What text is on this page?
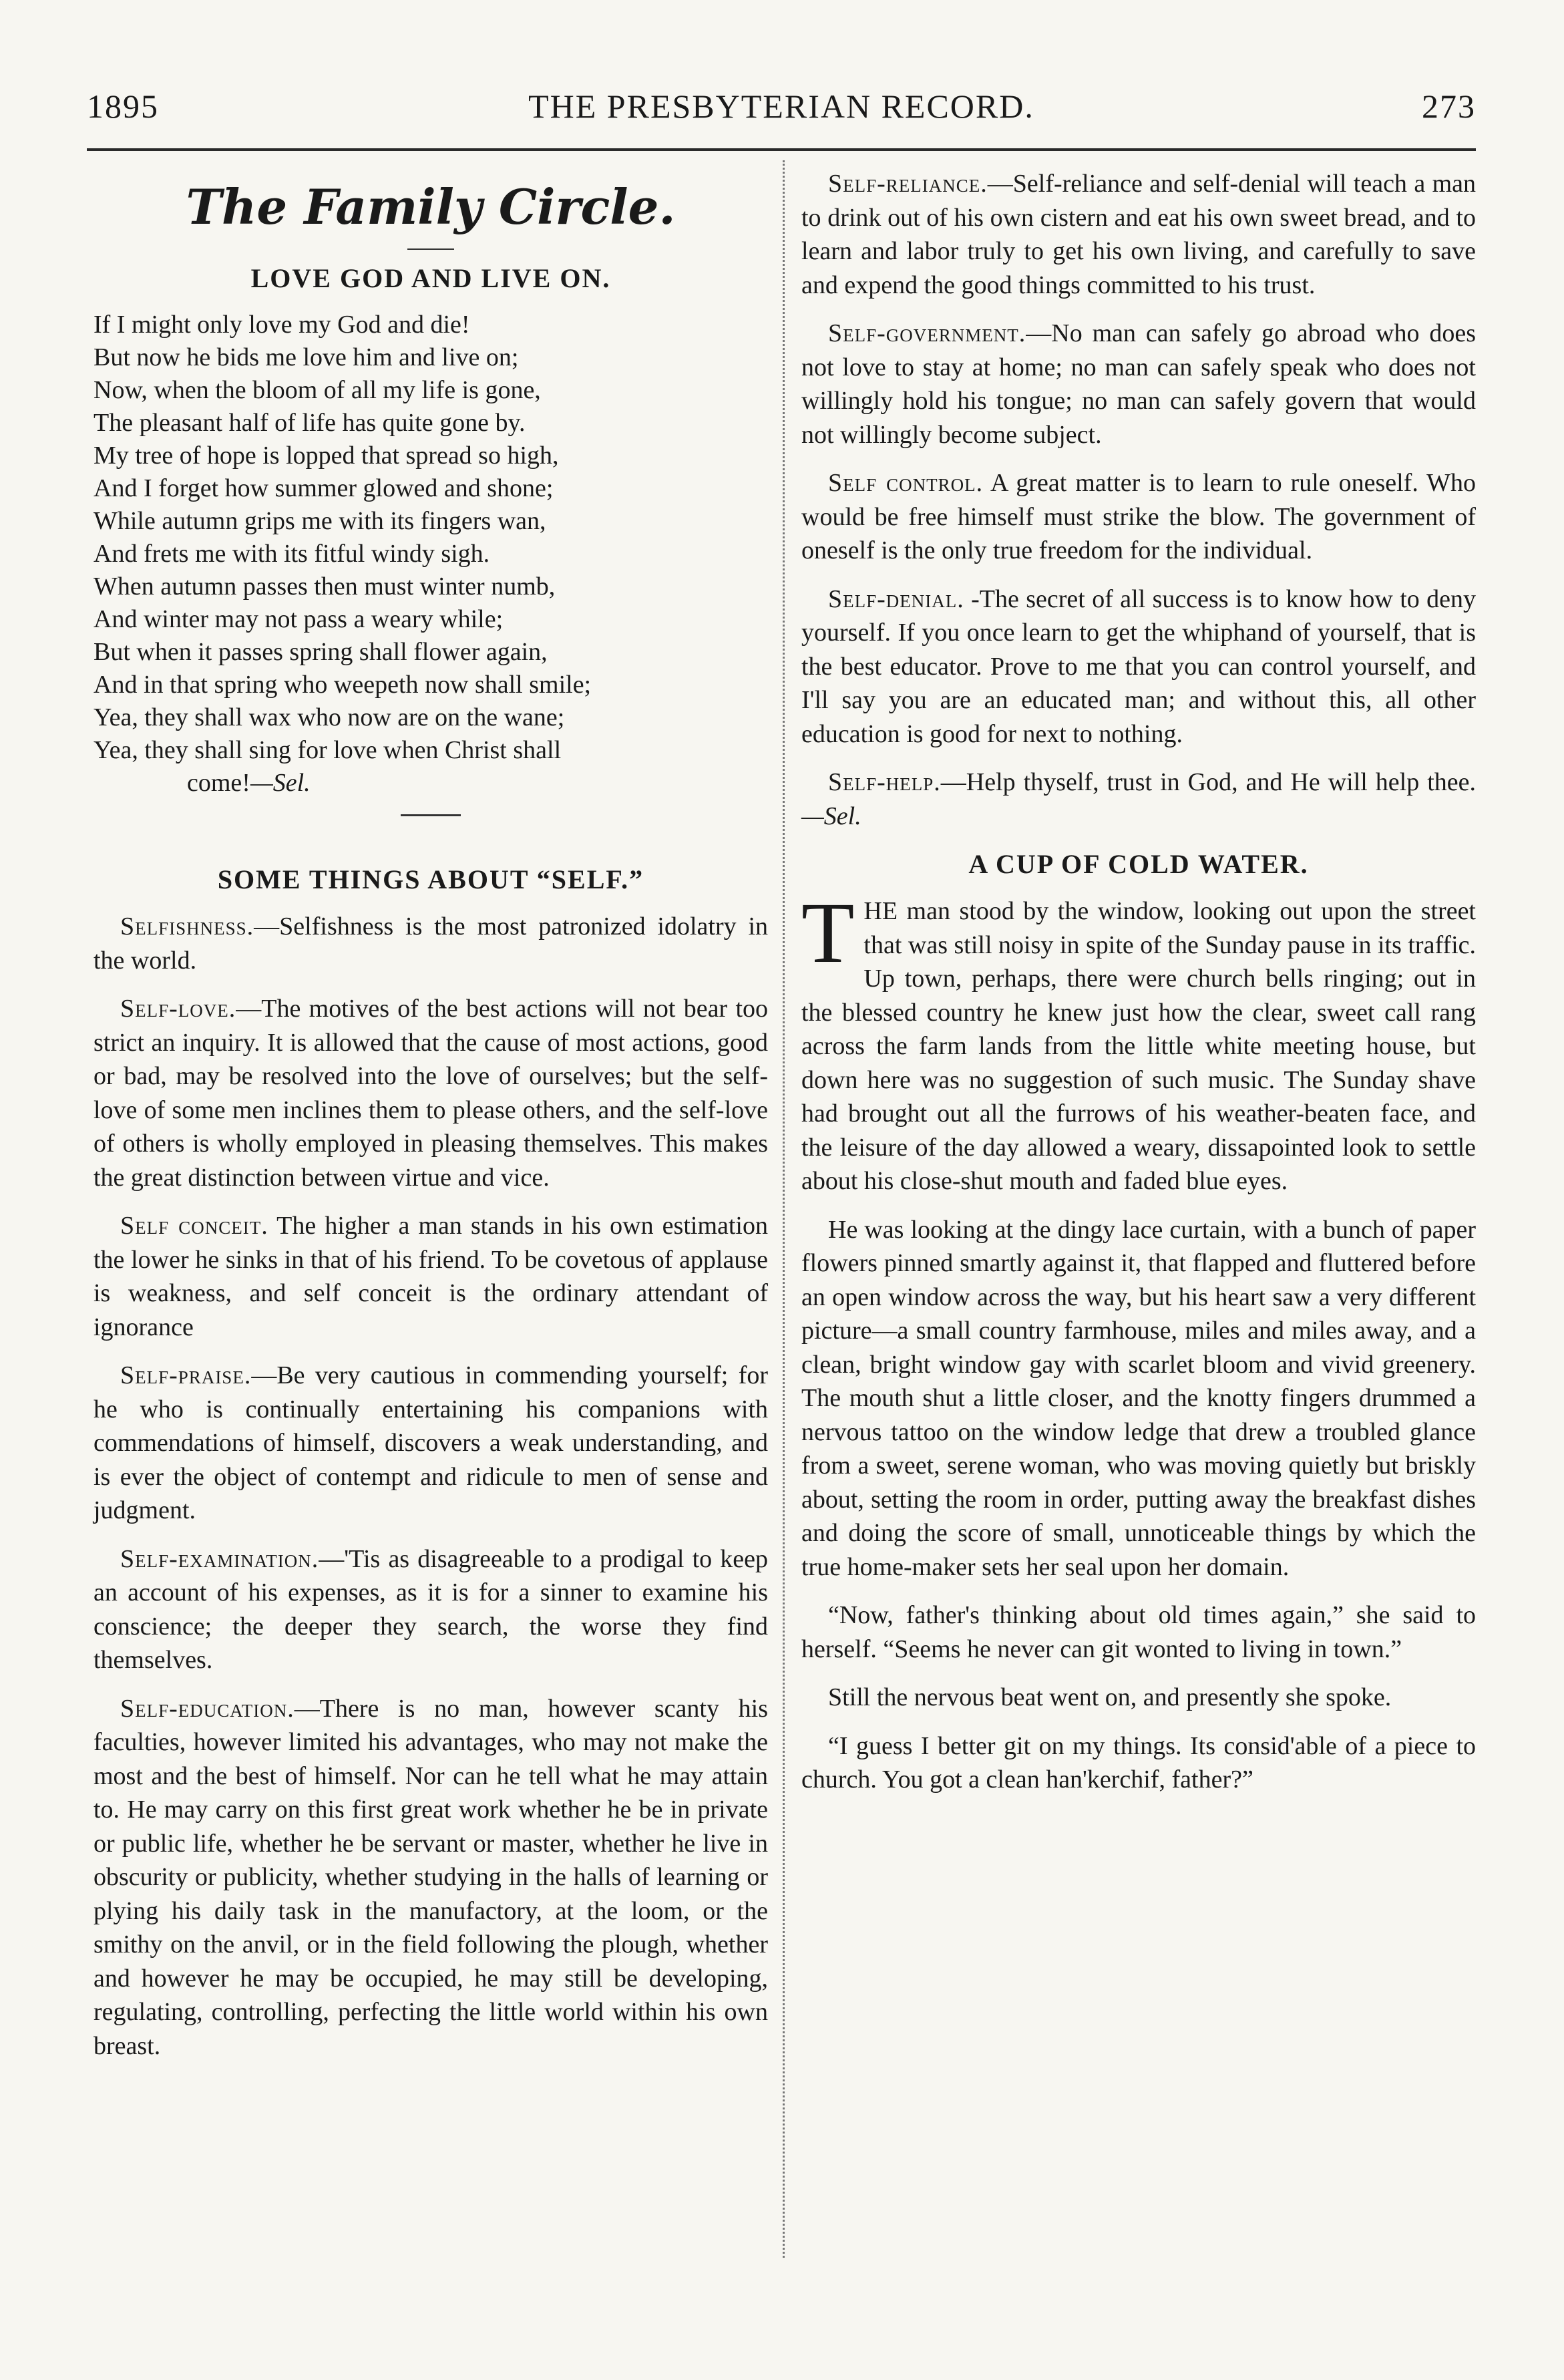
1895	THE PRESBYTERIAN RECORD.	273
The Family Circle.
LOVE GOD AND LIVE ON.
If I might only love my God and die!
But now he bids me love him and live on;
Now, when the bloom of all my life is gone,
The pleasant half of life has quite gone by.
My tree of hope is lopped that spread so high,
And I forget how summer glowed and shone;
While autumn grips me with its fingers wan,
And frets me with its fitful windy sigh.
When autumn passes then must winter numb,
And winter may not pass a weary while;
But when it passes spring shall flower again,
And in that spring who weepeth now shall smile;
Yea, they shall wax who now are on the wane;
Yea, they shall sing for love when Christ shall
come!—Sel.
SOME THINGS ABOUT “SELF.”

Selfishness.—Selfishness is the most patronized idolatry in the world.

Self-love.—The motives of the best actions will not bear too strict an inquiry. It is allowed that the cause of most actions, good or bad, may be resolved into the love of ourselves; but the self-love of some men inclines them to please others, and the self-love of others is wholly employed in pleasing themselves. This makes the great distinction between virtue and vice.

Self conceit. The higher a man stands in his own estimation the lower he sinks in that of his friend. To be covetous of applause is weakness, and self conceit is the ordinary attendant of ignorance

Self-praise.—Be very cautious in commending yourself; for he who is continually entertaining his companions with commendations of himself, discovers a weak understanding, and is ever the object of contempt and ridicule to men of sense and judgment.

Self-examination.—'Tis as disagreeable to a prodigal to keep an account of his expenses, as it is for a sinner to examine his conscience; the deeper they search, the worse they find themselves.

Self-education.—There is no man, however scanty his faculties, however limited his advantages, who may not make the most and the best of himself. Nor can he tell what he may attain to. He may carry on this first great work whether he be in private or public life, whether he be servant or master, whether he live in obscurity or publicity, whether studying in the halls of learning or plying his daily task in the manufactory, at the loom, or the smithy on the anvil, or in the field following the plough, whether and however he may be occupied, he may still be developing, regulating, controlling, perfecting the little world within his own breast.

Self-reliance.—Self-reliance and self-denial will teach a man to drink out of his own cistern and eat his own sweet bread, and to learn and labor truly to get his own living, and carefully to save and expend the good things committed to his trust.

Self-government.—No man can safely go abroad who does not love to stay at home; no man can safely speak who does not willingly hold his tongue; no man can safely govern that would not willingly become subject.

Self control. A great matter is to learn to rule oneself. Who would be free himself must strike the blow. The government of oneself is the only true freedom for the individual.

Self-denial. -The secret of all success is to know how to deny yourself. If you once learn to get the whiphand of yourself, that is the best educator. Prove to me that you can control yourself, and I'll say you are an educated man; and without this, all other education is good for next to nothing.

Self-help.—Help thyself, trust in God, and He will help thee.—Sel.

A CUP OF COLD WATER.

THE man stood by the window, looking out upon the street that was still noisy in spite of the Sunday pause in its traffic. Up town, perhaps, there were church bells ringing; out in the blessed country he knew just how the clear, sweet call rang across the farm lands from the little white meeting house, but down here was no suggestion of such music. The Sunday shave had brought out all the furrows of his weather-beaten face, and the leisure of the day allowed a weary, dissapointed look to settle about his close-shut mouth and faded blue eyes.

He was looking at the dingy lace curtain, with a bunch of paper flowers pinned smartly against it, that flapped and fluttered before an open window across the way, but his heart saw a very different picture—a small country farmhouse, miles and miles away, and a clean, bright window gay with scarlet bloom and vivid greenery. The mouth shut a little closer, and the knotty fingers drummed a nervous tattoo on the window ledge that drew a troubled glance from a sweet, serene woman, who was moving quietly but briskly about, setting the room in order, putting away the breakfast dishes and doing the score of small, unnoticeable things by which the true home-maker sets her seal upon her domain.

“Now, father's thinking about old times again,” she said to herself. “Seems he never can git wonted to living in town.”

Still the nervous beat went on, and presently she spoke.

“I guess I better git on my things. Its consid'able of a piece to church. You got a clean han'kerchif, father?”
